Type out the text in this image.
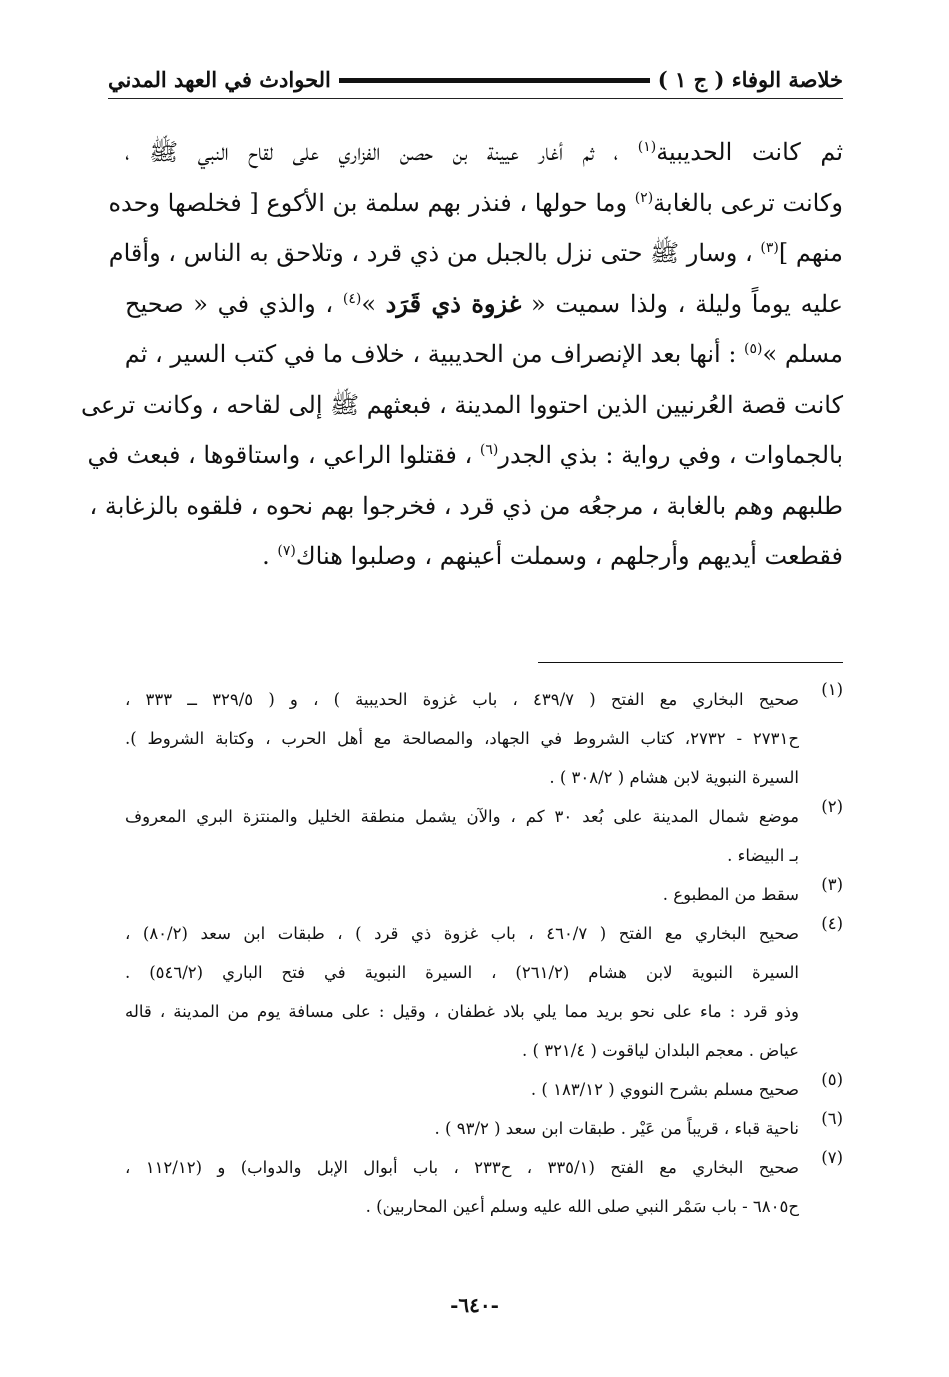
خلاصة الوفاء ( ج ١ )
الحوادث في العهد المدني
ثم كانت الحديبية$^{(١)}$ ، ثم أغار عيينة بن حصن الفزاري على لقاح النبي ﷺ ،
وكانت ترعى بالغابة$^{(٢)}$ وما حولها ، فنذر بهم سلمة بن الأكوع [ فخلصها وحده
منهم ]$^{(٣)}$ ، وسار ﷺ حتى نزل بالجبل من ذي قرد ، وتلاحق به الناس ، وأقام
عليه يوماً وليلة ، ولذا سميت « غزوة ذي قَرَد »$^{(٤)}$ ، والذي في « صحيح
مسلم »$^{(٥)}$ : أنها بعد الإنصراف من الحديبية ، خلاف ما في كتب السير ، ثم
كانت قصة العُرنيين الذين احتووا المدينة ، فبعثهم ﷺ إلى لقاحه ، وكانت ترعى
بالجماوات ، وفي رواية : بذي الجدر$^{(٦)}$ ، فقتلوا الراعي ، واستاقوها ، فبعث في
طلبهم وهم بالغابة ، مرجعُه من ذي قرد ، فخرجوا بهم نحوه ، فلقوه بالزغابة ،
فقطعت أيديهم وأرجلهم ، وسملت أعينهم ، وصلبوا هناك$^{(٧)}$ .
(١)
صحيح البخاري مع الفتح ( ٤٣٩/٧ ، باب غزوة الحديبية ) ، و ( ٣٢٩/٥ ــ ٣٣٣ ،
ح٢٧٣١ - ٢٧٣٢، كتاب الشروط في الجهاد، والمصالحة مع أهل الحرب ، وكتابة الشروط ).
السيرة النبوية لابن هشام ( ٣٠٨/٢ ) .
(٢)
موضع شمال المدينة على بُعد ٣٠ كم ، والآن يشمل منطقة الخليل والمنتزة البري المعروف
بـ البيضاء .
(٣)
سقط من المطبوع .
(٤)
صحيح البخاري مع الفتح ( ٤٦٠/٧ ، باب غزوة ذي قرد ) ، طبقات ابن سعد (٨٠/٢) ،
السيرة النبوية لابن هشام (٢٦١/٢) ، السيرة النبوية في فتح الباري (٥٤٦/٢) .
وذو قرد : ماء على نحو بريد مما يلي بلاد غطفان ، وقيل : على مسافة يوم من المدينة ، قاله
عياض . معجم البلدان لياقوت ( ٣٢١/٤ ) .
(٥)
صحيح مسلم بشرح النووي ( ١٨٣/١٢ ) .
(٦)
ناحية قباء ، قريباً من عَيْر . طبقات ابن سعد ( ٩٣/٢ ) .
(٧)
صحيح البخاري مع الفتح (٣٣٥/١ ، ح٢٣٣ ، باب أبوال الإبل والدواب) و (١١٢/١٢ ،
ح٦٨٠٥ - باب سَمْر النبي صلى الله عليه وسلم أعين المحاربين) .
-٦٤٠-
